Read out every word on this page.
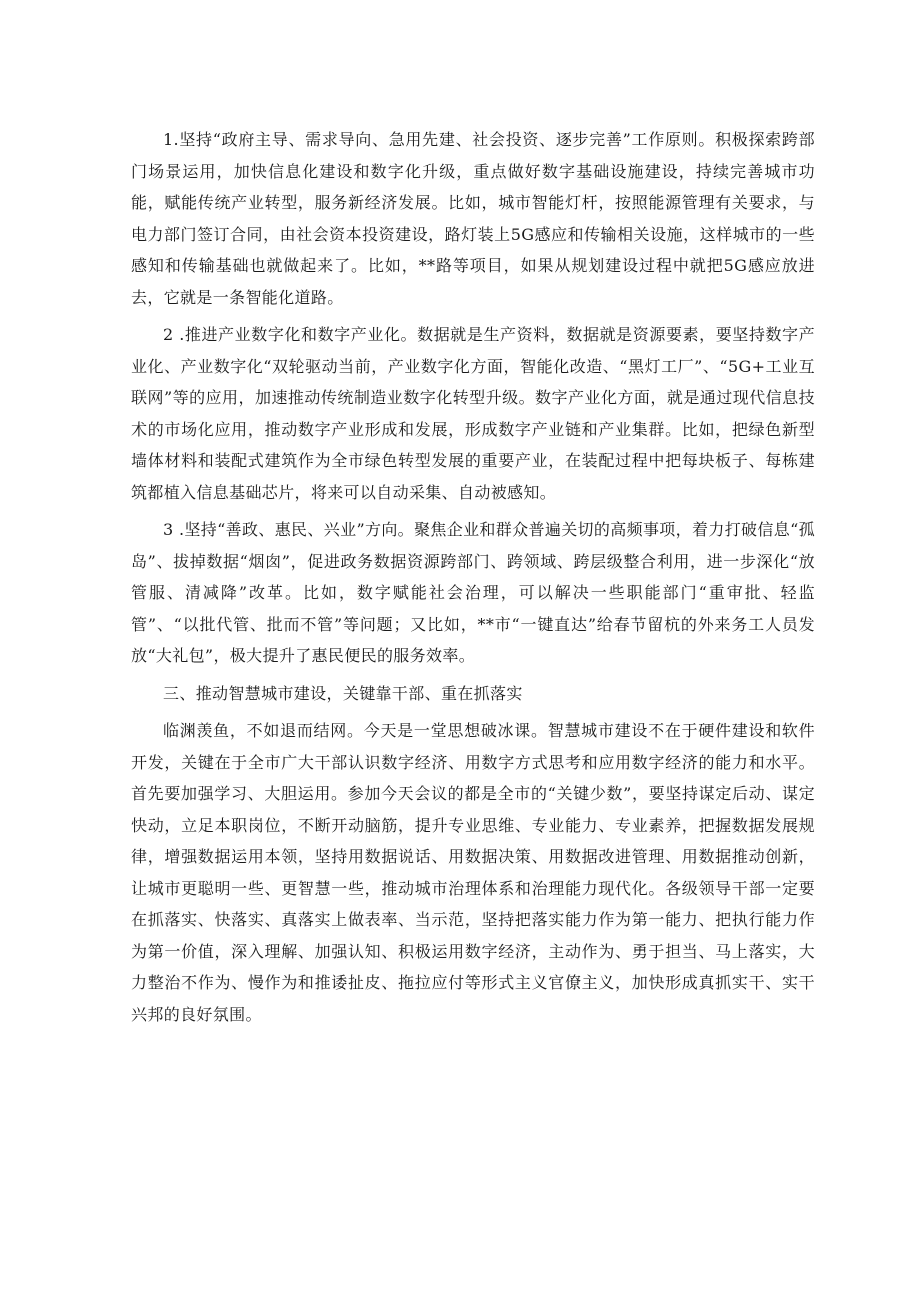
1.坚持“政府主导、需求导向、急用先建、社会投资、逐步完善”工作原则。积极探索跨部门场景运用，加快信息化建设和数字化升级，重点做好数字基础设施建设，持续完善城市功能，赋能传统产业转型，服务新经济发展。比如，城市智能灯杆，按照能源管理有关要求，与电力部门签订合同，由社会资本投资建设，路灯装上5G感应和传输相关设施，这样城市的一些感知和传输基础也就做起来了。比如，**路等项目，如果从规划建设过程中就把5G感应放进去，它就是一条智能化道路。

2 .推进产业数字化和数字产业化。数据就是生产资料，数据就是资源要素，要坚持数字产业化、产业数字化“双轮驱动当前，产业数字化方面，智能化改造、“黑灯工厂”、“5G+工业互联网”等的应用，加速推动传统制造业数字化转型升级。数字产业化方面，就是通过现代信息技术的市场化应用，推动数字产业形成和发展，形成数字产业链和产业集群。比如，把绿色新型墙体材料和装配式建筑作为全市绿色转型发展的重要产业，在装配过程中把每块板子、每栋建筑都植入信息基础芯片，将来可以自动采集、自动被感知。

3 .坚持“善政、惠民、兴业”方向。聚焦企业和群众普遍关切的高频事项，着力打破信息“孤岛”、拔掉数据“烟囱”，促进政务数据资源跨部门、跨领域、跨层级整合利用，进一步深化“放管服、清减降”改革。比如，数字赋能社会治理，可以解决一些职能部门“重审批、轻监管”、“以批代管、批而不管”等问题；又比如，**市“一键直达”给春节留杭的外来务工人员发放“大礼包”，极大提升了惠民便民的服务效率。

三、推动智慧城市建设，关键靠干部、重在抓落实

临渊羡鱼，不如退而结网。今天是一堂思想破冰课。智慧城市建设不在于硬件建设和软件开发，关键在于全市广大干部认识数字经济、用数字方式思考和应用数字经济的能力和水平。首先要加强学习、大胆运用。参加今天会议的都是全市的“关键少数”，要坚持谋定后动、谋定快动，立足本职岗位，不断开动脑筋，提升专业思维、专业能力、专业素养，把握数据发展规律，增强数据运用本领，坚持用数据说话、用数据决策、用数据改进管理、用数据推动创新，让城市更聪明一些、更智慧一些，推动城市治理体系和治理能力现代化。各级领导干部一定要在抓落实、快落实、真落实上做表率、当示范，坚持把落实能力作为第一能力、把执行能力作为第一价值，深入理解、加强认知、积极运用数字经济，主动作为、勇于担当、马上落实，大力整治不作为、慢作为和推诿扯皮、拖拉应付等形式主义官僚主义，加快形成真抓实干、实干兴邦的良好氛围。
